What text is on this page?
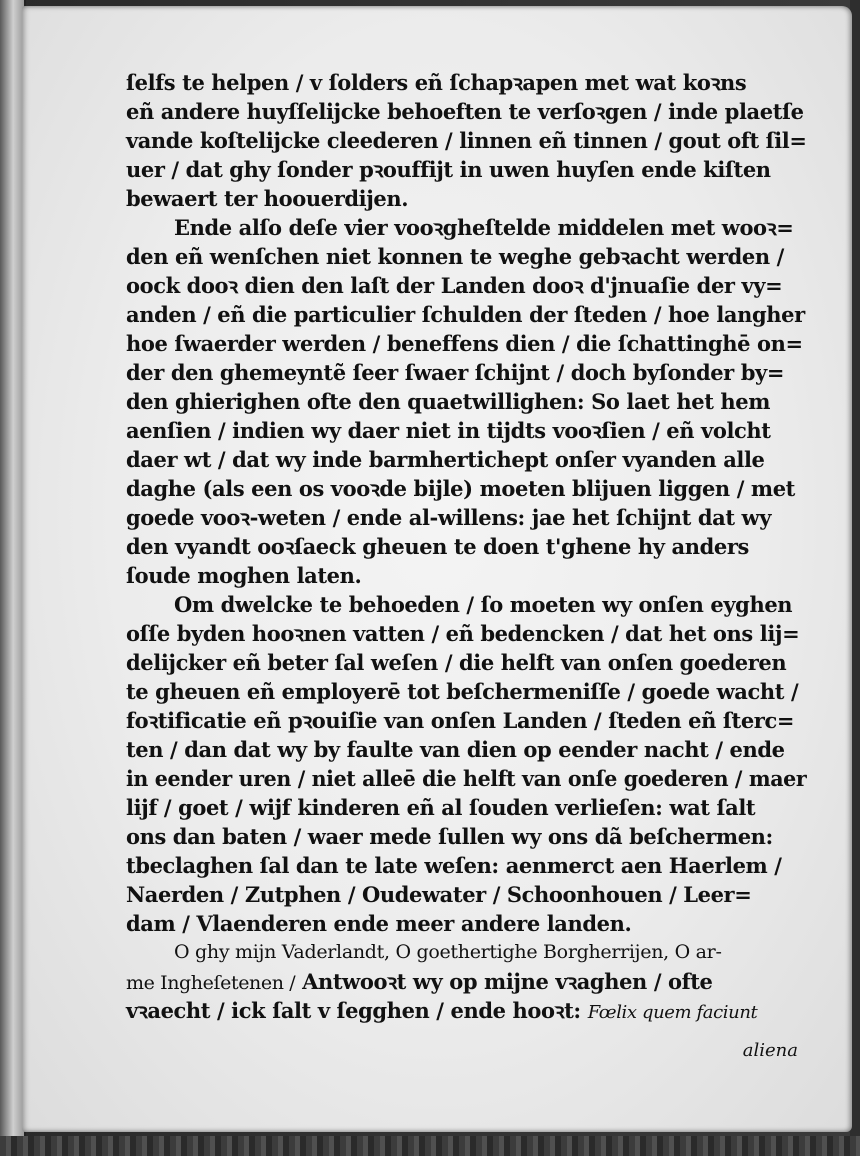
ſelfs te helpen / v ſolders eñ ſchapꝛapen met wat koꝛns
eñ andere huyſſelijcke behoeften te verſoꝛgen / inde plaetſe
vande koſtelijcke cleederen / linnen eñ tinnen / gout oft ſil=
uer / dat ghy ſonder pꝛouffijt in uwen huyſen ende kiſten
bewaert ter hoouerdijen.
Ende alſo deſe vier vooꝛgheſtelde middelen met wooꝛ=
den eñ wenſchen niet konnen te weghe gebꝛacht werden /
oock dooꝛ dien den laſt der Landen dooꝛ d'jnuaſie der vy=
anden / eñ die particulier ſchulden der ſteden / hoe langher
hoe ſwaerder werden / beneffens dien / die ſchattinghē on=
der den ghemeyntẽ ſeer ſwaer ſchijnt / doch byſonder by=
den ghierighen ofte den quaetwillighen: So laet het hem
aenſien / indien wy daer niet in tijdts vooꝛſien / eñ volcht
daer wt / dat wy inde barmhertichept onſer vyanden alle
daghe (als een os vooꝛde bijle) moeten blijuen liggen / met
goede vooꝛ-weten / ende al-willens: jae het ſchijnt dat wy
den vyandt ooꝛſaeck gheuen te doen t'ghene hy anders
ſoude moghen laten.
Om dwelcke te behoeden / ſo moeten wy onſen eyghen
oſſe byden hooꝛnen vatten / eñ bedencken / dat het ons lij=
delijcker eñ beter ſal weſen / die helft van onſen goederen
te gheuen eñ employerē tot beſchermeniſſe / goede wacht /
foꝛtificatie eñ pꝛouiſie van onſen Landen / ſteden eñ ſterc=
ten / dan dat wy by faulte van dien op eender nacht / ende
in eender uren / niet alleē die helft van onſe goederen / maer
lijf / goet / wijf kinderen eñ al ſouden verlieſen: wat ſalt
ons dan baten / waer mede ſullen wy ons dã beſchermen:
tbeclaghen ſal dan te late weſen: aenmerct aen Haerlem /
Naerden / Zutphen / Oudewater / Schoonhouen / Leer=
dam / Vlaenderen ende meer andere landen.
O ghy mijn Vaderlandt, O goethertighe Borgherrijen, O ar-
me Ingheſetenen / Antwooꝛt wy op mijne vꝛaghen / ofte
vꝛaecht / ick ſalt v ſegghen / ende hooꝛt: Fœlix quem faciunt
aliena
